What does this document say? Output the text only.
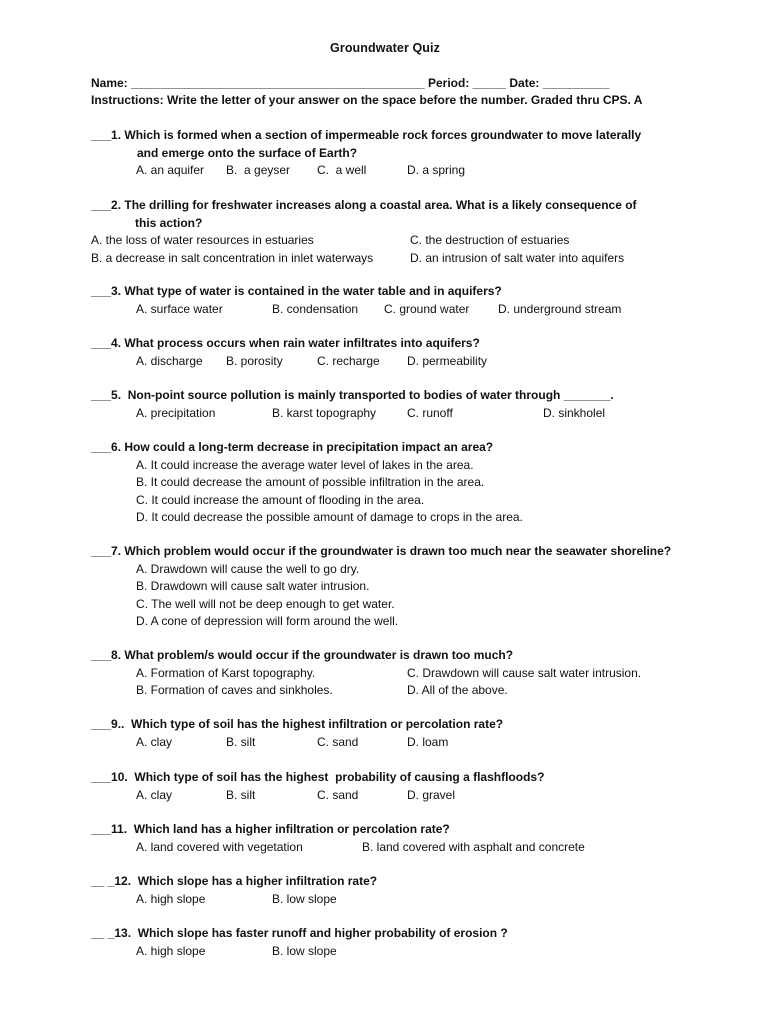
Groundwater Quiz
Name: ____________________________________________ Period: _____ Date: __________
Instructions: Write the letter of your answer on the space before the number. Graded thru CPS. A
___1. Which is formed when a section of impermeable rock forces groundwater to move laterally
and emerge onto the surface of Earth?
A. an aquifer B.  a geyser C.  a well	D. a spring
___2. The drilling for freshwater increases along a coastal area. What is a likely consequence of
this action?
A. the loss of water resources in estuaries	C. the destruction of estuaries
B. a decrease in salt concentration in inlet waterways	D. an intrusion of salt water into aquifers
___3. What type of water is contained in the water table and in aquifers?
A. surface water	B. condensation C. ground water D. underground stream
___4. What process occurs when rain water infiltrates into aquifers?
A. discharge B. porosity	C. recharge D. permeability
___5.  Non-point source pollution is mainly transported to bodies of water through _______.
A. precipitation	B. karst topography	C. runoff	D. sinkholel
___6. How could a long-term decrease in precipitation impact an area?
A. It could increase the average water level of lakes in the area.
B. It could decrease the amount of possible infiltration in the area.
C. It could increase the amount of flooding in the area.
D. It could decrease the possible amount of damage to crops in the area.
___7. Which problem would occur if the groundwater is drawn too much near the seawater shoreline?
A. Drawdown will cause the well to go dry.
B. Drawdown will cause salt water intrusion.
C. The well will not be deep enough to get water.
D. A cone of depression will form around the well.
___8. What problem/s would occur if the groundwater is drawn too much?
A. Formation of Karst topography.	C. Drawdown will cause salt water intrusion.
B. Formation of caves and sinkholes.	D. All of the above.
___9..  Which type of soil has the highest infiltration or percolation rate?
A. clay	B. silt	C. sand	D. loam
___10.  Which type of soil has the highest  probability of causing a flashfloods?
A. clay	B. silt	C. sand	D. gravel
___11.  Which land has a higher infiltration or percolation rate?
A. land covered with vegetation	B. land covered with asphalt and concrete
__ _12.  Which slope has a higher infiltration rate?
A. high slope	B. low slope
__ _13.  Which slope has faster runoff and higher probability of erosion ?
A. high slope	B. low slope
